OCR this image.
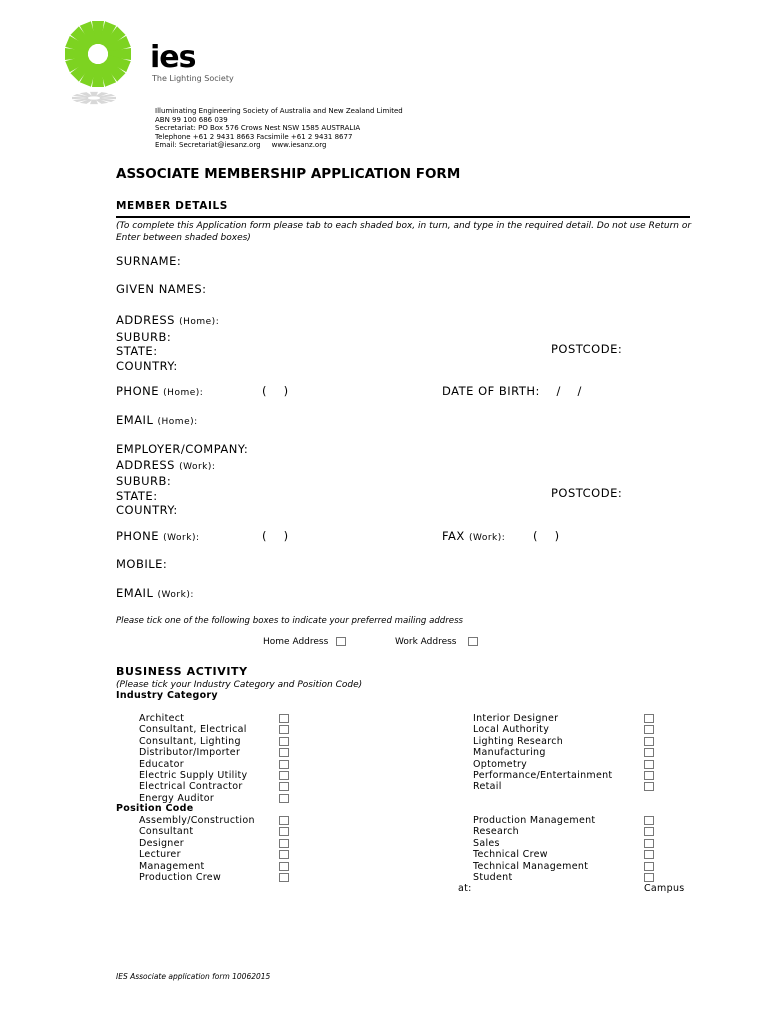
ies
The Lighting Society
Illuminating Engineering Society of Australia and New Zealand Limited
ABN 99 100 686 039
Secretariat: PO Box 576 Crows Nest NSW 1585 AUSTRALIA
Telephone +61 2 9431 8663 Facsimile +61 2 9431 8677
Email: Secretariat@iesanz.org     www.iesanz.org
ASSOCIATE MEMBERSHIP APPLICATION FORM
MEMBER DETAILS
(To complete this Application form please tab to each shaded box, in turn, and type in the required detail. Do not use Return or Enter between shaded boxes)
SURNAME:
GIVEN NAMES:
ADDRESS (Home):
SUBURB:
STATE:
COUNTRY:
POSTCODE:
PHONE (Home):	(    )	DATE OF BIRTH:    /    /
EMAIL (Home):
EMPLOYER/COMPANY:
ADDRESS (Work):
SUBURB:
STATE:
COUNTRY:
POSTCODE:
PHONE (Work):	(    )	FAX (Work): (    )
MOBILE:
EMAIL (Work):
Please tick one of the following boxes to indicate your preferred mailing address
Home Address	Work Address
BUSINESS ACTIVITY
(Please tick your Industry Category and Position Code)
Industry Category
Architect
Consultant, Electrical
Consultant, Lighting
Distributor/Importer
Educator
Electric Supply Utility
Electrical Contractor
Energy Auditor
Interior Designer
Local Authority
Lighting Research
Manufacturing
Optometry
Performance/Entertainment
Retail
Position Code
Assembly/Construction
Consultant
Designer
Lecturer
Management
Production Crew
Production Management
Research
Sales
Technical Crew
Technical Management
Student
at:	Campus
IES Associate application form 10062015
